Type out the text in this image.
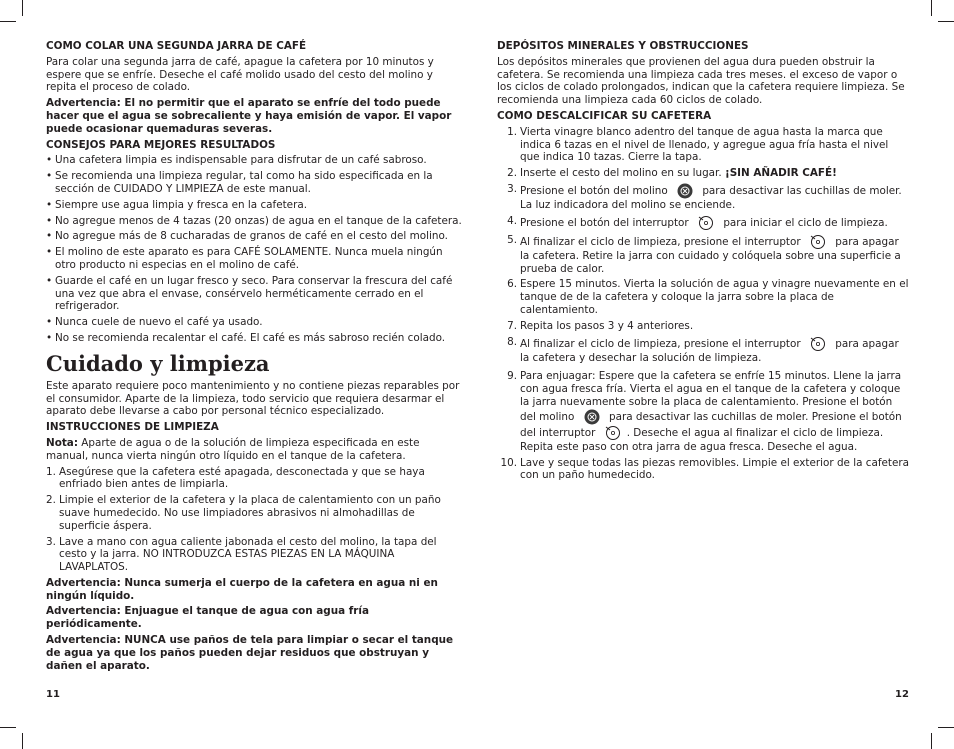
COMO COLAR UNA SEGUNDA JARRA DE CAFÉ
Para colar una segunda jarra de café, apague la cafetera por 10 minutos y espere que se enfríe. Deseche el café molido usado del cesto del molino y repita el proceso de colado.
Advertencia: El no permitir que el aparato se enfríe del todo puede hacer que el agua se sobrecaliente y haya emisión de vapor. El vapor puede ocasionar quemaduras severas.
CONSEJOS PARA MEJORES RESULTADOS
• Una cafetera limpia es indispensable para disfrutar de un café sabroso.
• Se recomienda una limpieza regular, tal como ha sido especificada en la sección de CUIDADO Y LIMPIEZA de este manual.
• Siempre use agua limpia y fresca en la cafetera.
• No agregue menos de 4 tazas (20 onzas) de agua en el tanque de la cafetera.
• No agregue más de 8 cucharadas de granos de café en el cesto del molino.
• El molino de este aparato es para CAFÉ SOLAMENTE. Nunca muela ningún otro producto ni especias en el molino de café.
• Guarde el café en un lugar fresco y seco. Para conservar la frescura del café una vez que abra el envase, consérvelo herméticamente cerrado en el refrigerador.
• Nunca cuele de nuevo el café ya usado.
• No se recomienda recalentar el café. El café es más sabroso recién colado.
Cuidado y limpieza
Este aparato requiere poco mantenimiento y no contiene piezas reparables por el consumidor. Aparte de la limpieza, todo servicio que requiera desarmar el aparato debe llevarse a cabo por personal técnico especializado.
INSTRUCCIONES DE LIMPIEZA
Nota: Aparte de agua o de la solución de limpieza especificada en este manual, nunca vierta ningún otro líquido en el tanque de la cafetera.
1. Asegúrese que la cafetera esté apagada, desconectada y que se haya enfriado bien antes de limpiarla.
2. Limpie el exterior de la cafetera y la placa de calentamiento con un paño suave humedecido. No use limpiadores abrasivos ni almohadillas de superficie áspera.
3. Lave a mano con agua caliente jabonada el cesto del molino, la tapa del cesto y la jarra. NO INTRODUZCA ESTAS PIEZAS EN LA MÁQUINA LAVAPLATOS.
Advertencia: Nunca sumerja el cuerpo de la cafetera en agua ni en ningún líquido.
Advertencia: Enjuague el tanque de agua con agua fría periódicamente.
Advertencia: NUNCA use paños de tela para limpiar o secar el tanque de agua ya que los paños pueden dejar residuos que obstruyan y dañen el aparato.
11
DEPÓSITOS MINERALES Y OBSTRUCCIONES
Los depósitos minerales que provienen del agua dura pueden obstruir la cafetera. Se recomienda una limpieza cada tres meses. el exceso de vapor o los ciclos de colado prolongados, indican que la cafetera requiere limpieza. Se recomienda una limpieza cada 60 ciclos de colado.
COMO DESCALCIFICAR SU CAFETERA
1. Vierta vinagre blanco adentro del tanque de agua hasta la marca que indica 6 tazas en el nivel de llenado, y agregue agua fría hasta el nivel que indica 10 tazas. Cierre la tapa.
2. Inserte el cesto del molino en su lugar. ¡SIN AÑADIR CAFÉ!
3. Presione el botón del molino	para desactivar las cuchillas de moler. La luz indicadora del molino se enciende.
4. Presione el botón del interruptor	para iniciar el ciclo de limpieza.
5. Al finalizar el ciclo de limpieza, presione el interruptor	para apagar la cafetera. Retire la jarra con cuidado y colóquela sobre una superficie a prueba de calor.
6. Espere 15 minutos. Vierta la solución de agua y vinagre nuevamente en el tanque de de la cafetera y coloque la jarra sobre la placa de calentamiento.
7. Repita los pasos 3 y 4 anteriores.
8. Al finalizar el ciclo de limpieza, presione el interruptor	para apagar la cafetera y desechar la solución de limpieza.
9. Para enjuagar: Espere que la cafetera se enfríe 15 minutos. Llene la jarra con agua fresca fría. Vierta el agua en el tanque de la cafetera y coloque la jarra nuevamente sobre la placa de calentamiento. Presione el botón del molino	para desactivar las cuchillas de moler. Presione el botón del interruptor	. Deseche el agua al finalizar el ciclo de limpieza. Repita este paso con otra jarra de agua fresca. Deseche el agua.
10. Lave y seque todas las piezas removibles. Limpie el exterior de la cafetera con un paño humedecido.
12
